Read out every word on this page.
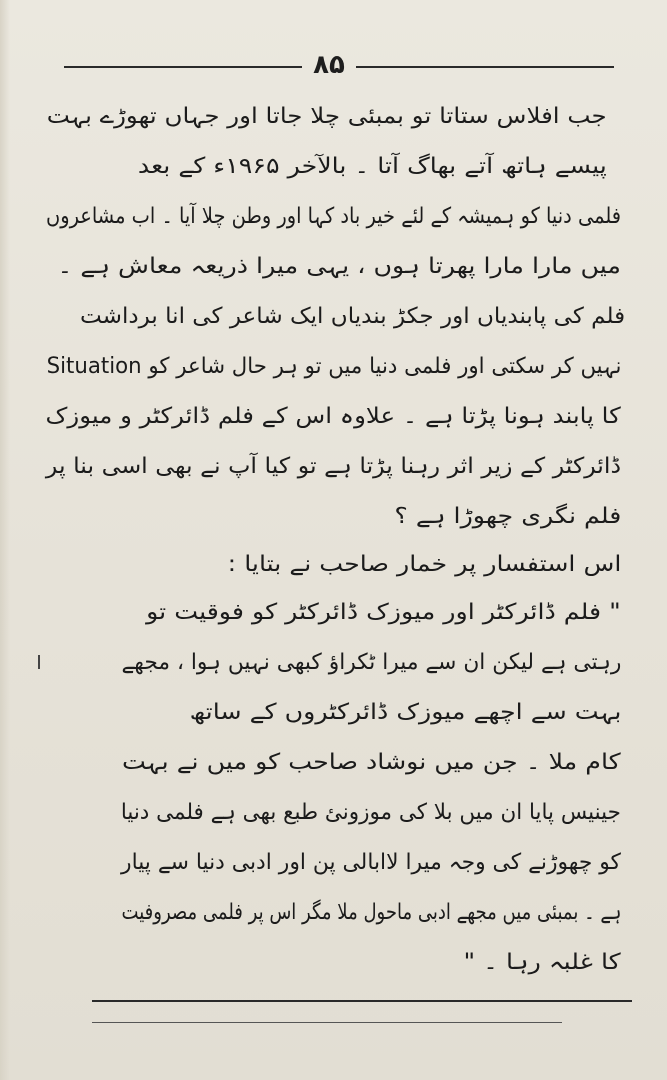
۸۵
جب افلاس ستاتا تو بمبئی چلا جاتا اور جہاں تھوڑے بہت
پیسے ہاتھ آتے بھاگ آتا ۔ بالآخر ۱۹۶۵ء کے بعد
فلمی دنیا کو ہمیشہ کے لئے خیر باد کہا اور وطن چلا آیا ۔ اب مشاعروں
میں مارا مارا پھرتا ہوں ، یہی میرا ذریعہ معاش ہے ۔
فلم کی پابندیاں اور جکڑ بندیاں ایک شاعر کی انا برداشت
نہیں کر سکتی اور فلمی دنیا میں تو ہر حال شاعر کو Situation
کا پابند ہونا پڑتا ہے ۔ علاوہ اس کے فلم ڈائرکٹر و میوزک
ڈائرکٹر کے زیر اثر رہنا پڑتا ہے تو کیا آپ نے بھی اسی بنا پر
فلم نگری چھوڑا ہے ؟
اس استفسار پر خمار صاحب نے بتایا :
" فلم ڈائرکٹر اور میوزک ڈائرکٹر کو فوقیت تو
رہتی ہے لیکن ان سے میرا ٹکراؤ کبھی نہیں ہوا ، مجھے
بہت سے اچھے میوزک ڈائرکٹروں کے ساتھ
کام ملا ۔ جن میں نوشاد صاحب کو میں نے بہت
جینیس پایا ان میں بلا کی موزونئ طبع بھی ہے فلمی دنیا
کو چھوڑنے کی وجہ میرا لاابالی پن اور ادبی دنیا سے پیار
ہے ۔ بمبئی میں مجھے ادبی ماحول ملا مگر اس پر فلمی مصروفیت
کا غلبہ رہا ۔ "
